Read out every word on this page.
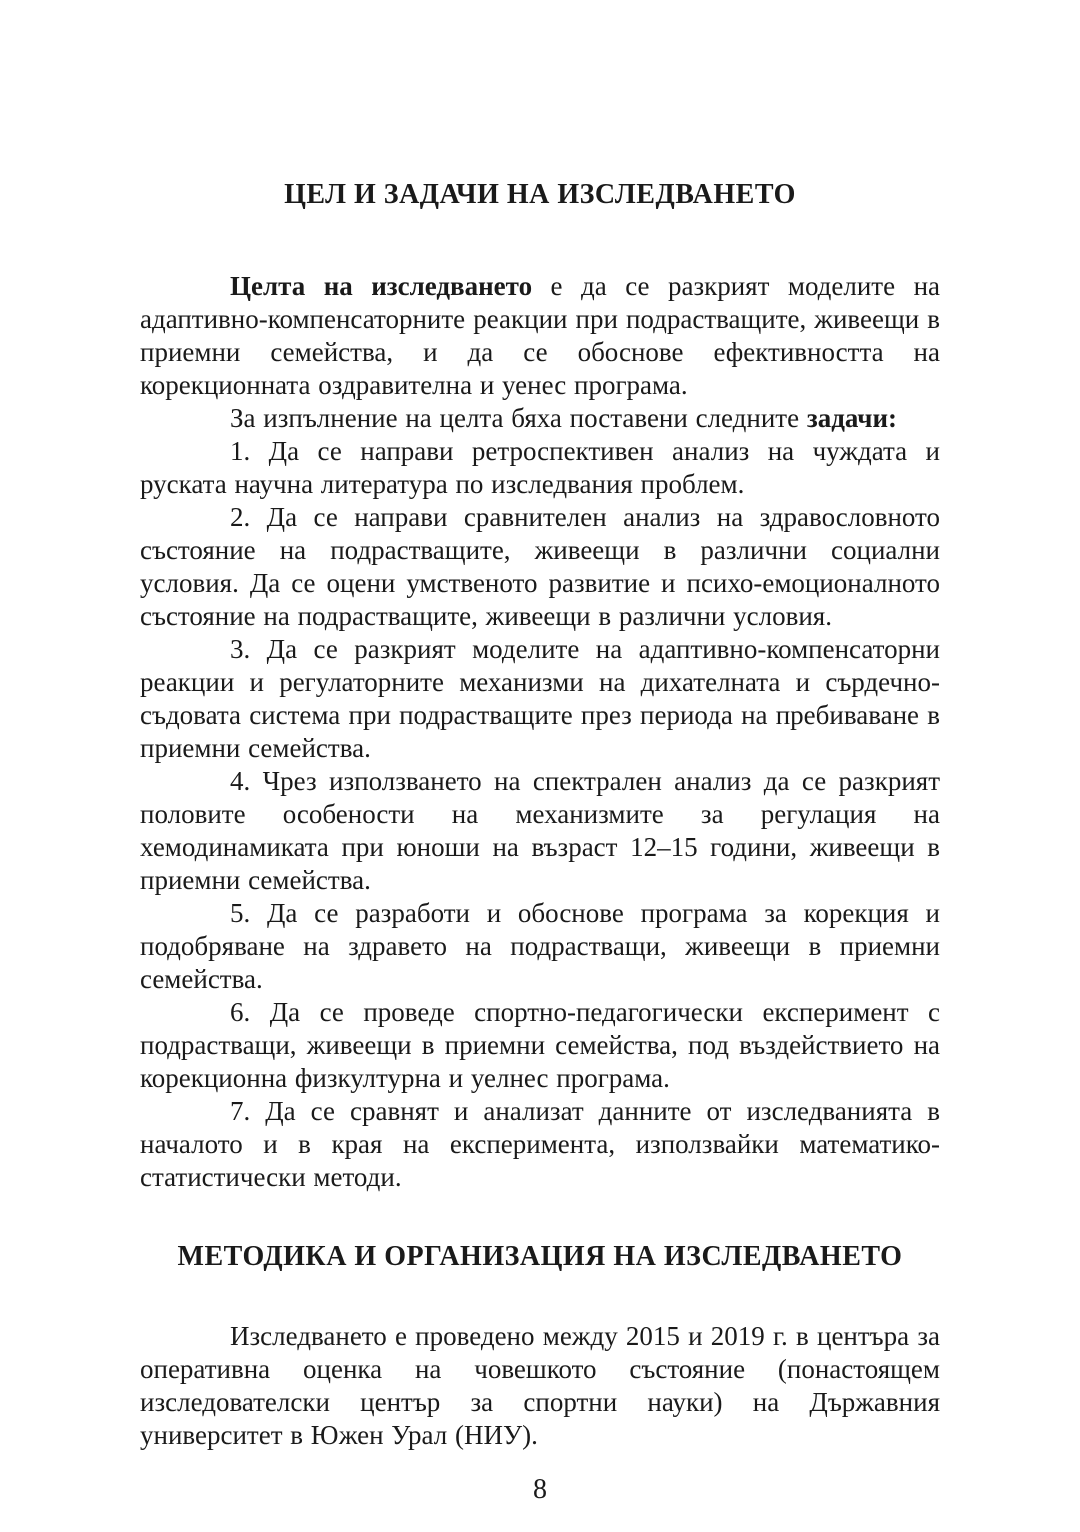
ЦЕЛ И ЗАДАЧИ НА ИЗСЛЕДВАНЕТО

Целта на изследването е да се разкрият моделите на адаптивно-компенсаторните реакции при подрастващите, живеещи в приемни семейства, и да се обоснове ефективността на корекционната оздравителна и уенес програма.

За изпълнение на целта бяха поставени следните задачи:

1. Да се направи ретроспективен анализ на чуждата и руската научна литература по изследвания проблем.

2. Да се направи сравнителен анализ на здравословното състояние на подрастващите, живеещи в различни социални условия. Да се оцени умственото развитие и психо-емоционалното състояние на подрастващите, живеещи в различни условия.

3. Да се разкрият моделите на адаптивно-компенсаторни реакции и регулаторните механизми на дихателната и сърдечно-съдовата система при подрастващите през периода на пребиваване в приемни семейства.

4. Чрез използването на спектрален анализ да се разкрият половите особености на механизмите за регулация на хемодинамиката при юноши на възраст 12–15 години, живеещи в приемни семейства.

5. Да се разработи и обоснове програма за корекция и подобряване на здравето на подрастващи, живеещи в приемни семейства.

6. Да се проведе спортно-педагогически експеримент с подрастващи, живеещи в приемни семейства, под въздействието на корекционна физкултурна и уелнес програма.

7. Да се сравнят и анализат данните от изследванията в началото и в края на експеримента, използвайки математико-статистически методи.

МЕТОДИКА И ОРГАНИЗАЦИЯ НА ИЗСЛЕДВАНЕТО

Изследването е проведено между 2015 и 2019 г. в центъра за оперативна оценка на човешкото състояние (понастоящем изследователски център за спортни науки) на Държавния университет в Южен Урал (НИУ).

8
